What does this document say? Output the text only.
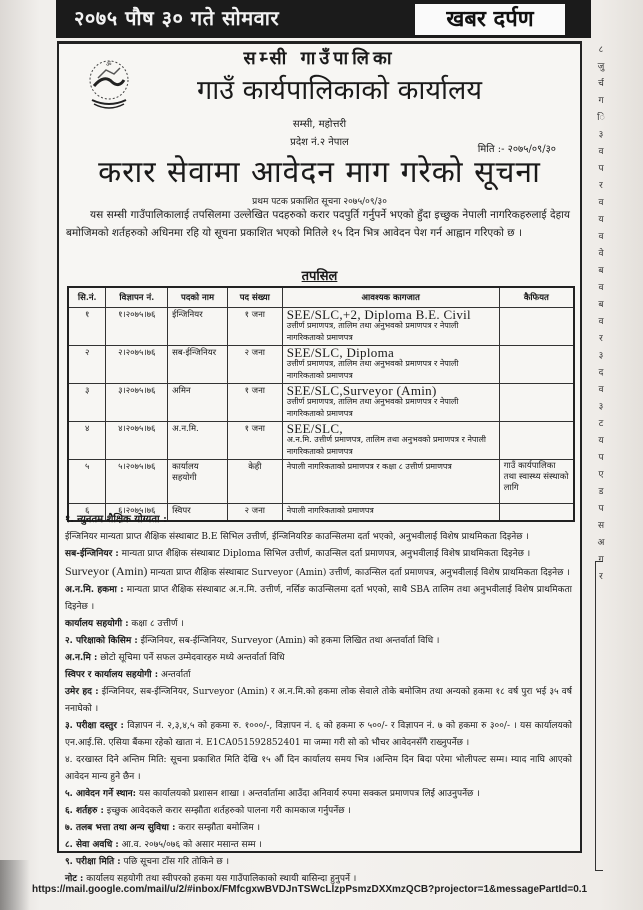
२०७५ पौष ३० गते सोमवार	खबर दर्पण
ॐ	सम्सी गाउँपालिका
गाउँ कार्यपालिकाको कार्यालय
सम्सी, महोत्तरी
प्रदेश नं.२ नेपाल
मिति :- २०७५/०९/३०
करार सेवामा आवेदन माग गरेको सूचना
प्रथम पटक प्रकाशित सूचना २०७५/०९/३०

यस सम्सी गाउँपालिकालाई तपसिलमा उल्लेखित पदहरुको करार पदपुर्ति गर्नुपर्ने भएको हुँदा इच्छुक नेपाली नागरिकहरुलाई देहाय बमोजिमको शर्तहरुको अधिनमा रहि यो सूचना प्रकाशित भएको मितिले १५ दिन भित्र आवेदन पेश गर्न आह्वान गरिएको छ ।

तपसिल
सि.नं.	विज्ञापन नं.	पदको नाम	पद संख्या	आवश्यक कागजात	कैफियत
१	१।२०७५।७६	ईन्जिनियर	१ जना	SEE/SLC,+2, Diploma B.E. Civil
उत्तीर्ण प्रमाणपत्र, तालिम तथा अनुभवको प्रमाणपत्र र नेपाली नागरिकताको प्रमाणपत्र	
२	२।२०७५।७६	सब-ईन्जिनियर	२ जना	SEE/SLC, Diploma
उत्तीर्ण प्रमाणपत्र, तालिम तथा अनुभवको प्रमाणपत्र र नेपाली नागरिकताको प्रमाणपत्र	
३	३।२०७५।७६	अमिन	१ जना	SEE/SLC,Surveyor (Amin)
उत्तीर्ण प्रमाणपत्र, तालिम तथा अनुभवको प्रमाणपत्र र नेपाली नागरिकताको प्रमाणपत्र	
४	४।२०७५।७६	अ.न.मि.	१ जना	SEE/SLC,
अ.न.मि. उत्तीर्ण प्रमाणपत्र, तालिम तथा अनुभवको प्रमाणपत्र र नेपाली नागरिकताको प्रमाणपत्र	
५	५।२०७५।७६	कार्यालय सहयोगी	केही	नेपाली नागरिकताको प्रमाणपत्र र कक्षा ८ उत्तीर्ण प्रमाणपत्र	गाउँ कार्यपालिका तथा स्वास्थ्य संस्थाको लागि
६	६।२०७५।७६	स्विपर	२ जना	नेपाली नागरिकताको प्रमाणपत्र	

१. न्युनतम शैक्षिक योग्यता :

ईन्जिनियर मान्यता प्राप्त शैक्षिक संस्थाबाट B.E सिभिल उत्तीर्ण, ईन्जिनियरिङ काउन्सिलमा दर्ता भएको, अनुभवीलाई विशेष प्राथमिकता दिइनेछ ।

सब-ईन्जिनियर : मान्यता प्राप्त शैक्षिक संस्थाबाट Diploma सिभिल उत्तीर्ण, काउन्सिल दर्ता प्रमाणपत्र, अनुभवीलाई विशेष प्राथमिकता दिइनेछ ।

Surveyor (Amin) मान्यता प्राप्त शैक्षिक संस्थाबाट Surveyor (Amin) उत्तीर्ण, काउन्सिल दर्ता प्रमाणपत्र, अनुभवीलाई विशेष प्राथमिकता दिइनेछ ।

अ.न.मि. हकमा : मान्यता प्राप्त शैक्षिक संस्थाबाट अ.न.मि. उत्तीर्ण, नर्सिङ काउन्सिलमा दर्ता भएको, साथै SBA तालिम तथा अनुभवीलाई विशेष प्राथमिकता दिइनेछ ।

कार्यालय सहयोगी : कक्षा ८ उत्तीर्ण ।

२. परिक्षाको किसिम : ईन्जिनियर, सब-ईन्जिनियर, Surveyor (Amin) को हकमा लिखित तथा अन्तर्वार्ता विधि ।

अ.न.मि : छोटो सूचिमा पर्ने सफल उम्मेदवारहरु मध्ये अन्तर्वार्ता विधि

स्विपर र कार्यालय सहयोगी : अन्तर्वार्ता

उमेर हद : ईन्जिनियर, सब-ईन्जिनियर, Surveyor (Amin) र अ.न.मि.को हकमा लोक सेवाले तोके बमोजिम तथा अन्यको हकमा १८ वर्ष पुरा भई ३५ वर्ष ननाघेको ।

३. परीक्षा दस्तुर : विज्ञापन नं. २,३,४,५ को हकमा रु. १०००/-, विज्ञापन नं. ६ को हकमा रु ५००/- र विज्ञापन नं. ७ को हकमा रु ३००/- । यस कार्यालयको एन.आई.सि. एसिया बैंकमा रहेको खाता नं. E1CA051592852401 मा जम्मा गरी सो को भौचर आवेदनसँगै राख्नुपर्नेछ ।

४. दरखास्त दिने अन्तिम मिति: सूचना प्रकाशित मिति देखि १५ औं दिन कार्यालय समय भित्र ।अन्तिम दिन बिदा परेमा भोलीपल्ट सम्म। म्याद नाघि आएको आवेदन मान्य हुने छैन ।

५. आवेदन गर्ने स्थान: यस कार्यालयको प्रशासन शाखा । अन्तर्वार्तामा आउँदा अनिवार्य रुपमा सक्कल प्रमाणपत्र लिई आउनुपर्नेछ ।

६. शर्तहरु : इच्छुक आवेदकले करार सम्झौता शर्तहरुको पालना गरी कामकाज गर्नुपर्नेछ ।

७. तलब भत्ता तथा अन्य सुविधा : करार सम्झौता बमोजिम ।

८. सेवा अवधि : आ.व. २०७५/०७६ को असार मसान्त सम्म ।

९. परीक्षा मिति : पछि सूचना टाँस गरि तोकिने छ ।

नोट : कार्यालय सहयोगी तथा स्वीपरको हकमा यस गाउँपालिकाको स्थायी बासिन्दा हुनुपर्ने ।

८
जु
र्च
ग
ि
३
व
प
र
व
य
व
वे
ब
व
ब
व
र
३
द
व
३
ट
य
प
ए
ड
प
स
अ
ग
र
https://mail.google.com/mail/u/2/#inbox/FMfcgxwBVDJnTSWcLlzpPsmzDXXmzQCB?projector=1&messagePartId=0.1
